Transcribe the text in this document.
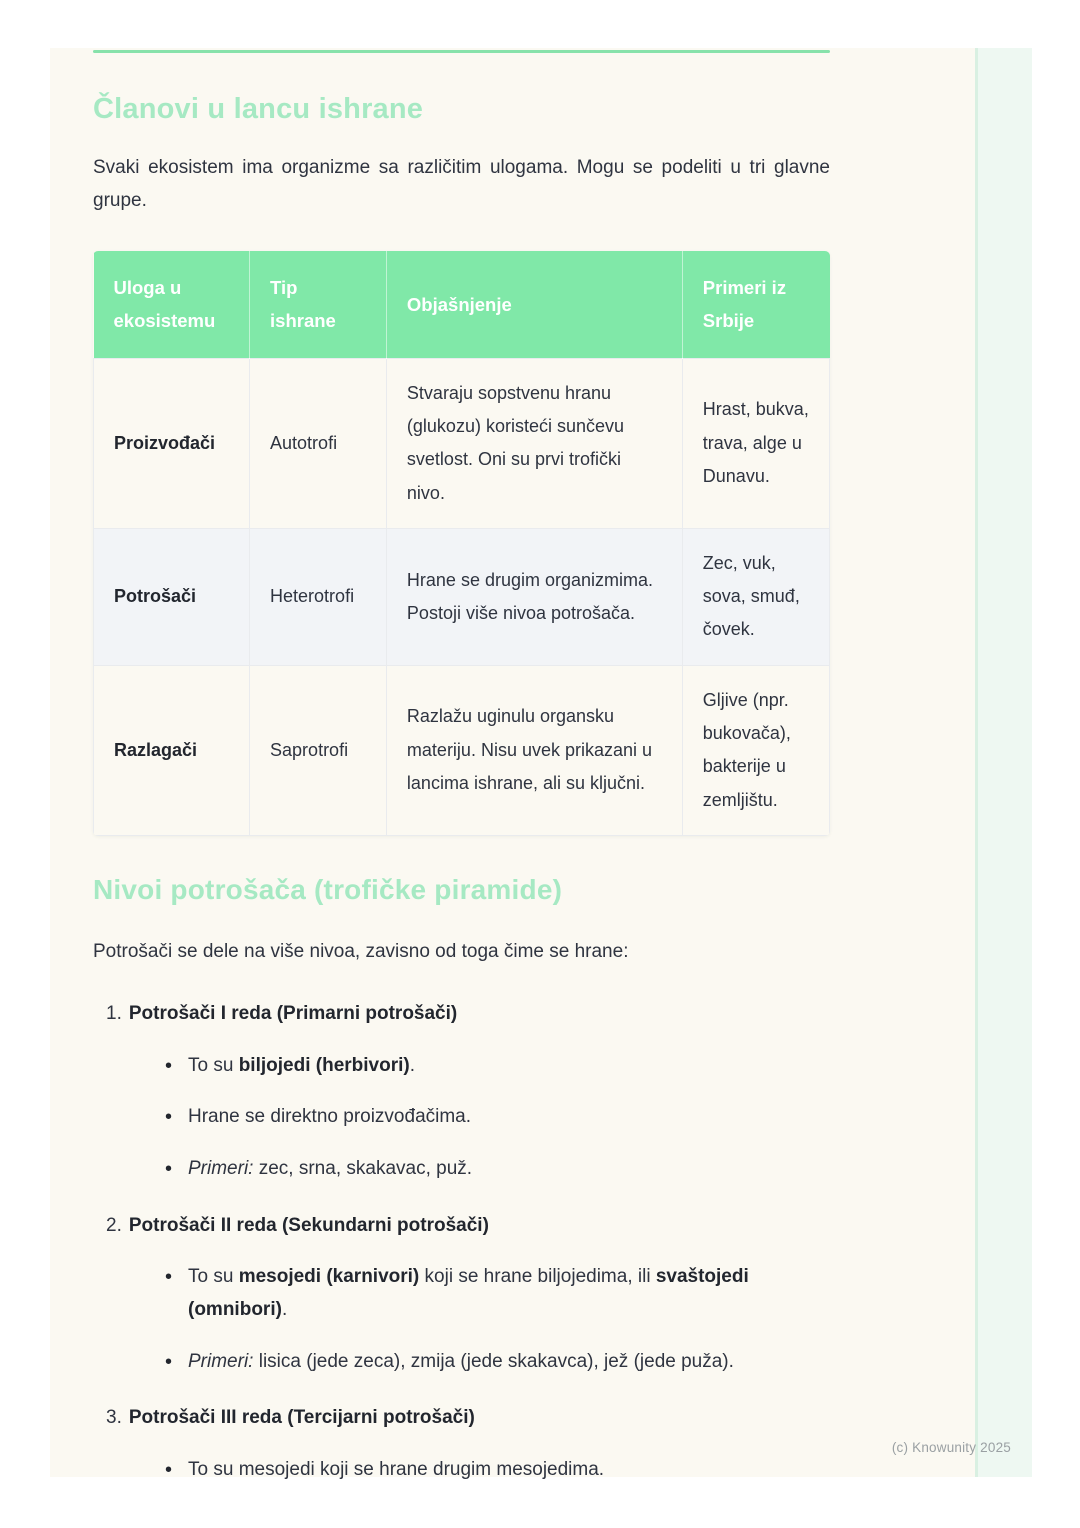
Članovi u lancu ishrane

Svaki ekosistem ima organizme sa različitim ulogama. Mogu se podeliti u tri glavne grupe.

Uloga u ekosistemu	Tip ishrane	Objašnjenje	Primeri iz Srbije
Proizvođači	Autotrofi	Stvaraju sopstvenu hranu (glukozu) koristeći sunčevu svetlost. Oni su prvi trofički nivo.	Hrast, bukva, trava, alge u Dunavu.
Potrošači	Heterotrofi	Hrane se drugim organizmima. Postoji više nivoa potrošača.	Zec, vuk, sova, smuđ, čovek.
Razlagači	Saprotrofi	Razlažu uginulu organsku materiju. Nisu uvek prikazani u lancima ishrane, ali su ključni.	Gljive (npr. bukovača), bakterije u zemljištu.
Nivoi potrošača (trofičke piramide)

Potrošači se dele na više nivoa, zavisno od toga čime se hrane:

1. Potrošači I reda (Primarni potrošači)
• To su biljojedi (herbivori).
• Hrane se direktno proizvođačima.
• Primeri: zec, srna, skakavac, puž.
2. Potrošači II reda (Sekundarni potrošači)
• To su mesojedi (karnivori) koji se hrane biljojedima, ili svaštojedi (omnibori).
• Primeri: lisica (jede zeca), zmija (jede skakavca), jež (jede puža).
3. Potrošači III reda (Tercijarni potrošači)
• To su mesojedi koji se hrane drugim mesojedima.
(c) Knowunity 2025
